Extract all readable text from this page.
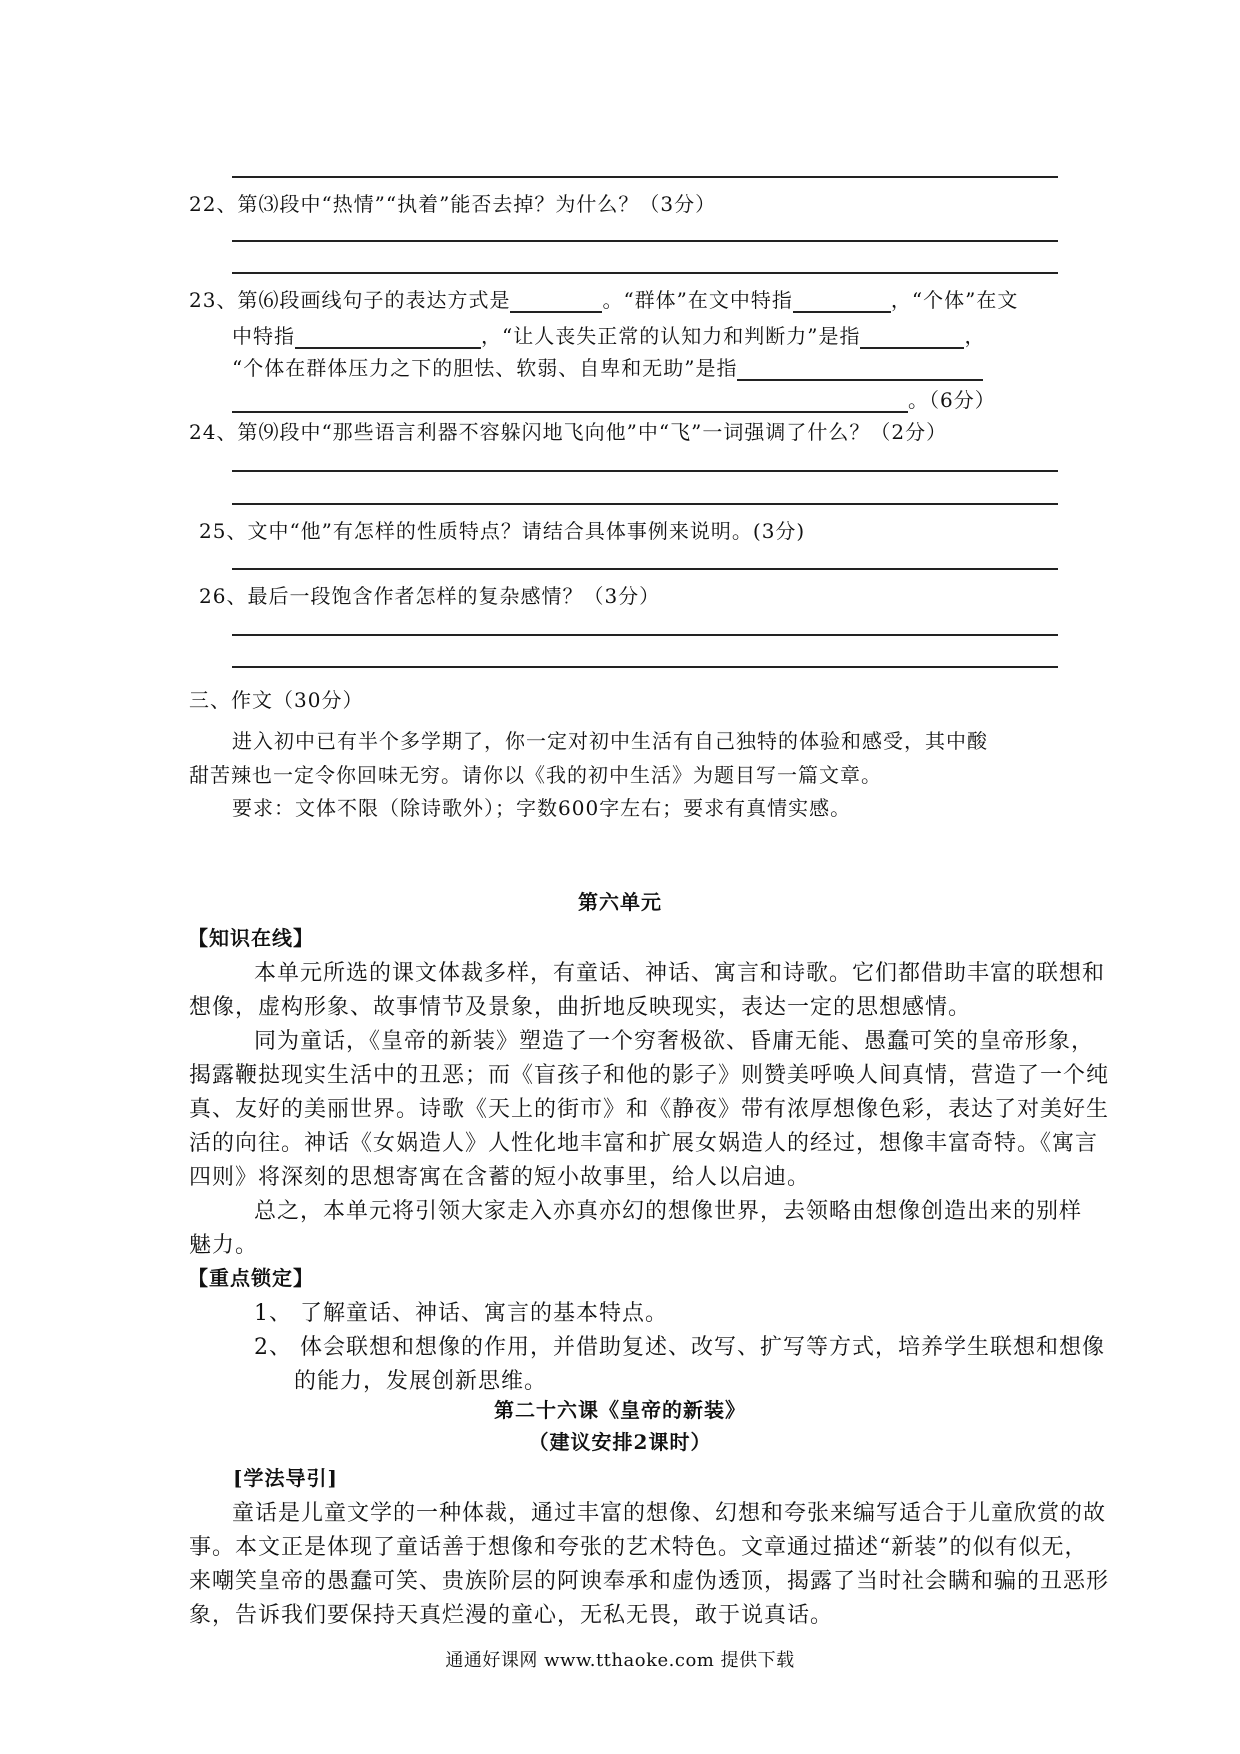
22、第⑶段中“热情”“执着”能否去掉？为什么？（3分）
23、第⑹段画线句子的表达方式是	。“群体”在文中特指	，“个体”在文
中特指	，“让人丧失正常的认知力和判断力”是指	，
“个体在群体压力之下的胆怯、软弱、自卑和无助”是指
。（6分）
24、第⑼段中“那些语言利器不容躲闪地飞向他”中“飞”一词强调了什么？（2分）
25、文中“他”有怎样的性质特点？请结合具体事例来说明。(3分)
26、最后一段饱含作者怎样的复杂感情？（3分）
三、作文（30分）
进入初中已有半个多学期了，你一定对初中生活有自己独特的体验和感受，其中酸
甜苦辣也一定令你回味无穷。请你以《我的初中生活》为题目写一篇文章。
要求：文体不限（除诗歌外）；字数600字左右；要求有真情实感。
第六单元
【知识在线】
本单元所选的课文体裁多样，有童话、神话、寓言和诗歌。它们都借助丰富的联想和
想像，虚构形象、故事情节及景象，曲折地反映现实，表达一定的思想感情。
同为童话，《皇帝的新装》塑造了一个穷奢极欲、昏庸无能、愚蠢可笑的皇帝形象，
揭露鞭挞现实生活中的丑恶；而《盲孩子和他的影子》则赞美呼唤人间真情，营造了一个纯
真、友好的美丽世界。诗歌《天上的街市》和《静夜》带有浓厚想像色彩，表达了对美好生
活的向往。神话《女娲造人》人性化地丰富和扩展女娲造人的经过，想像丰富奇特。《寓言
四则》将深刻的思想寄寓在含蓄的短小故事里，给人以启迪。
总之，本单元将引领大家走入亦真亦幻的想像世界，去领略由想像创造出来的别样
魅力。
【重点锁定】
1、 了解童话、神话、寓言的基本特点。
2、 体会联想和想像的作用，并借助复述、改写、扩写等方式，培养学生联想和想像
的能力，发展创新思维。
第二十六课《皇帝的新装》
（建议安排2课时）
[学法导引]
童话是儿童文学的一种体裁，通过丰富的想像、幻想和夸张来编写适合于儿童欣赏的故
事。本文正是体现了童话善于想像和夸张的艺术特色。文章通过描述“新装”的似有似无，
来嘲笑皇帝的愚蠢可笑、贵族阶层的阿谀奉承和虚伪透顶，揭露了当时社会瞒和骗的丑恶形
象，告诉我们要保持天真烂漫的童心，无私无畏，敢于说真话。
通通好课网 www.tthaoke.com 提供下载
